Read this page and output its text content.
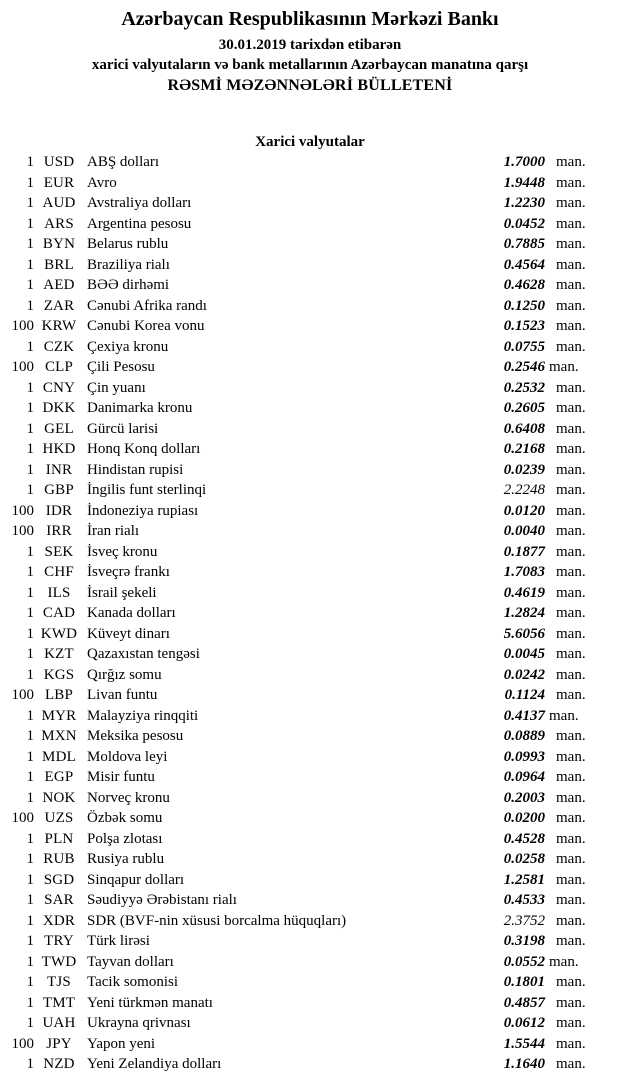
Azərbaycan Respublikasının Mərkəzi Bankı
30.01.2019 tarixdən etibarən
xarici valyutaların və bank metallarının Azərbaycan manatına qarşı
RƏSMİ MƏZƏNNƏLƏRİ BÜLLETENİ
Xarici valyutalar
1 USD ABŞ dolları	1.7000 man.
1 EUR Avro	1.9448 man.
1 AUD Avstraliya dolları	1.2230 man.
1 ARS Argentina pesosu	0.0452 man.
1 BYN Belarus rublu	0.7885 man.
1 BRL Braziliya rialı	0.4564 man.
1 AED BƏƏ dirhəmi	0.4628 man.
1 ZAR Cənubi Afrika randı	0.1250 man.
100 KRW Cənubi Korea vonu	0.1523 man.
1 CZK Çexiya kronu	0.0755 man.
100 CLP Çili Pesosu	0.2546 man.
1 CNY Çin yuanı	0.2532 man.
1 DKK Danimarka kronu	0.2605 man.
1 GEL Gürcü larisi	0.6408 man.
1 HKD Honq Konq dolları	0.2168 man.
1 INR Hindistan rupisi	0.0239 man.
1 GBP İngilis funt sterlinqi	2.2248 man.
100 IDR İndoneziya rupiası	0.0120 man.
100 IRR	İran rialı	0.0040 man.
1 SEK İsveç kronu	0.1877 man.
1 CHF İsveçrə frankı	1.7083 man.
1 ILS	İsrail şekeli	0.4619 man.
1 CAD Kanada dolları	1.2824 man.
1 KWD Küveyt dinarı	5.6056 man.
1 KZT Qazaxıstan tengəsi	0.0045 man.
1 KGS Qırğız somu	0.0242 man.
100 LBP Livan funtu	0.1124 man.
1 MYR Malayziya rinqqiti	0.4137 man.
1 MXN Meksika pesosu	0.0889 man.
1 MDL Moldova leyi	0.0993 man.
1 EGP Misir funtu	0.0964 man.
1 NOK Norveç kronu	0.2003 man.
100 UZS Özbək somu	0.0200 man.
1 PLN Polşa zlotası	0.4528 man.
1 RUB Rusiya rublu	0.0258 man.
1 SGD Sinqapur dolları	1.2581 man.
1 SAR Səudiyyə Ərəbistanı rialı	0.4533 man.
1 XDR SDR (BVF-nin xüsusi borcalma hüquqları)	2.3752 man.
1 TRY Türk lirəsi	0.3198 man.
1 TWD Tayvan dolları	0.0552 man.
1 TJS	Tacik somonisi	0.1801 man.
1 TMT Yeni türkmən manatı	0.4857 man.
1 UAH Ukrayna qrivnası	0.0612 man.
100 JPY	Yapon yeni	1.5544 man.
1 NZD Yeni Zelandiya dolları	1.1640 man.
